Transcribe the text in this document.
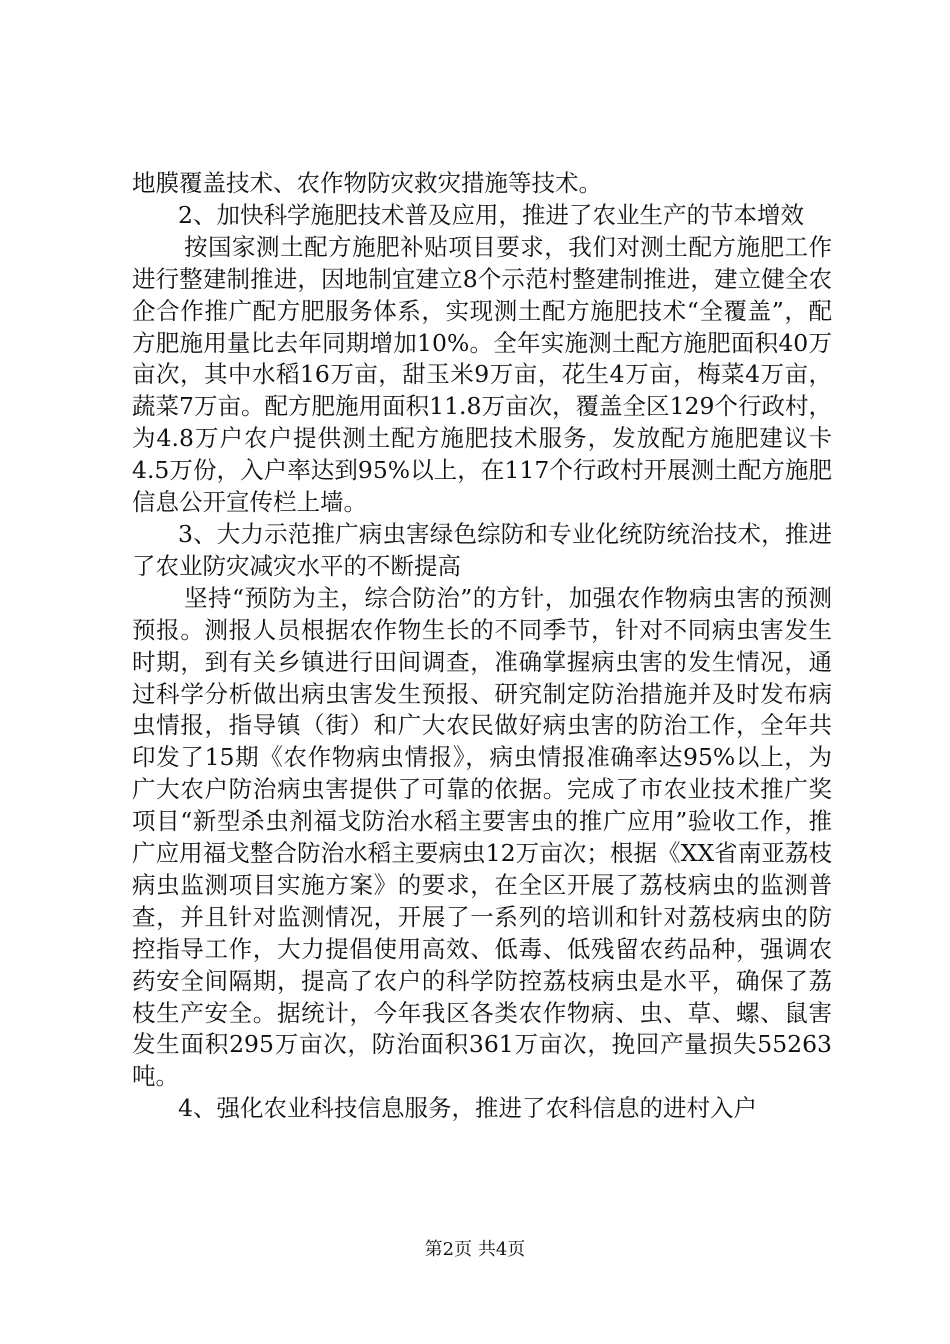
地膜覆盖技术、农作物防灾救灾措施等技术。

2、加快科学施肥技术普及应用，推进了农业生产的节本增效

按国家测土配方施肥补贴项目要求，我们对测土配方施肥工作进行整建制推进，因地制宜建立8个示范村整建制推进，建立健全农企合作推广配方肥服务体系，实现测土配方施肥技术“全覆盖”，配方肥施用量比去年同期增加10%。全年实施测土配方施肥面积40万亩次，其中水稻16万亩，甜玉米9万亩，花生4万亩，梅菜4万亩，蔬菜7万亩。配方肥施用面积11.8万亩次，覆盖全区129个行政村，为4.8万户农户提供测土配方施肥技术服务，发放配方施肥建议卡4.5万份，入户率达到95%以上，在117个行政村开展测土配方施肥信息公开宣传栏上墙。

3、大力示范推广病虫害绿色综防和专业化统防统治技术，推进了农业防灾减灾水平的不断提高

坚持“预防为主，综合防治”的方针，加强农作物病虫害的预测预报。测报人员根据农作物生长的不同季节，针对不同病虫害发生时期，到有关乡镇进行田间调查，准确掌握病虫害的发生情况，通过科学分析做出病虫害发生预报、研究制定防治措施并及时发布病虫情报，指导镇（街）和广大农民做好病虫害的防治工作，全年共印发了15期《农作物病虫情报》，病虫情报准确率达95%以上，为广大农户防治病虫害提供了可靠的依据。完成了市农业技术推广奖项目“新型杀虫剂福戈防治水稻主要害虫的推广应用”验收工作，推广应用福戈整合防治水稻主要病虫12万亩次；根据《XX省南亚荔枝病虫监测项目实施方案》的要求，在全区开展了荔枝病虫的监测普查，并且针对监测情况，开展了一系列的培训和针对荔枝病虫的防控指导工作，大力提倡使用高效、低毒、低残留农药品种，强调农药安全间隔期，提高了农户的科学防控荔枝病虫是水平，确保了荔枝生产安全。据统计，今年我区各类农作物病、虫、草、螺、鼠害发生面积295万亩次，防治面积361万亩次，挽回产量损失55263吨。

4、强化农业科技信息服务，推进了农科信息的进村入户

第2页 共4页
